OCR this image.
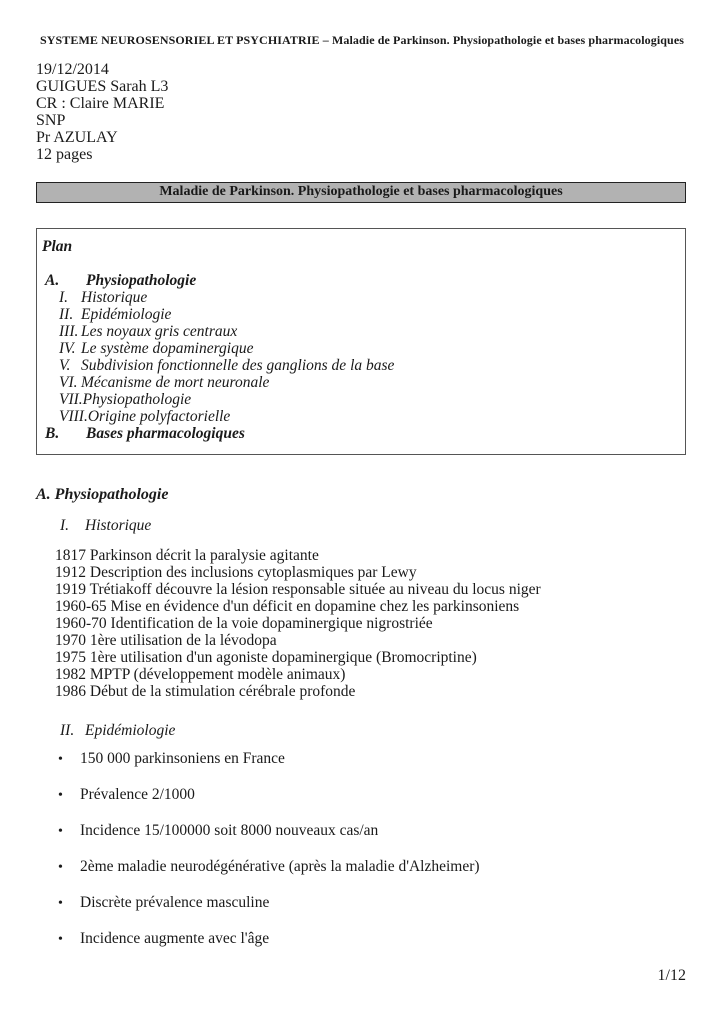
SYSTEME NEUROSENSORIEL ET PSYCHIATRIE – Maladie de Parkinson. Physiopathologie et bases pharmacologiques
19/12/2014
GUIGUES Sarah L3
CR : Claire MARIE
SNP
Pr AZULAY
12 pages
Maladie de Parkinson. Physiopathologie et bases pharmacologiques
Plan
A. Physiopathologie
I. Historique
II. Epidémiologie
III. Les noyaux gris centraux
IV. Le système dopaminergique
V. Subdivision fonctionnelle des ganglions de la base
VI. Mécanisme de mort neuronale
VII.Physiopathologie
VIII.Origine polyfactorielle
B. Bases pharmacologiques
A. Physiopathologie
I. Historique
1817 Parkinson décrit la paralysie agitante
1912 Description des inclusions cytoplasmiques par Lewy
1919 Trétiakoff découvre la lésion responsable située au niveau du locus niger
1960-65 Mise en évidence d'un déficit en dopamine chez les parkinsoniens
1960-70 Identification de la voie dopaminergique nigrostriée
1970 1ère utilisation de la lévodopa
1975 1ère utilisation d'un agoniste dopaminergique (Bromocriptine)
1982 MPTP (développement modèle animaux)
1986 Début de la stimulation cérébrale profonde
II. Epidémiologie
• 150 000 parkinsoniens en France
• Prévalence 2/1000
• Incidence 15/100000 soit 8000 nouveaux cas/an
• 2ème maladie neurodégénérative (après la maladie d'Alzheimer)
• Discrète prévalence masculine
• Incidence augmente avec l'âge
1/12
